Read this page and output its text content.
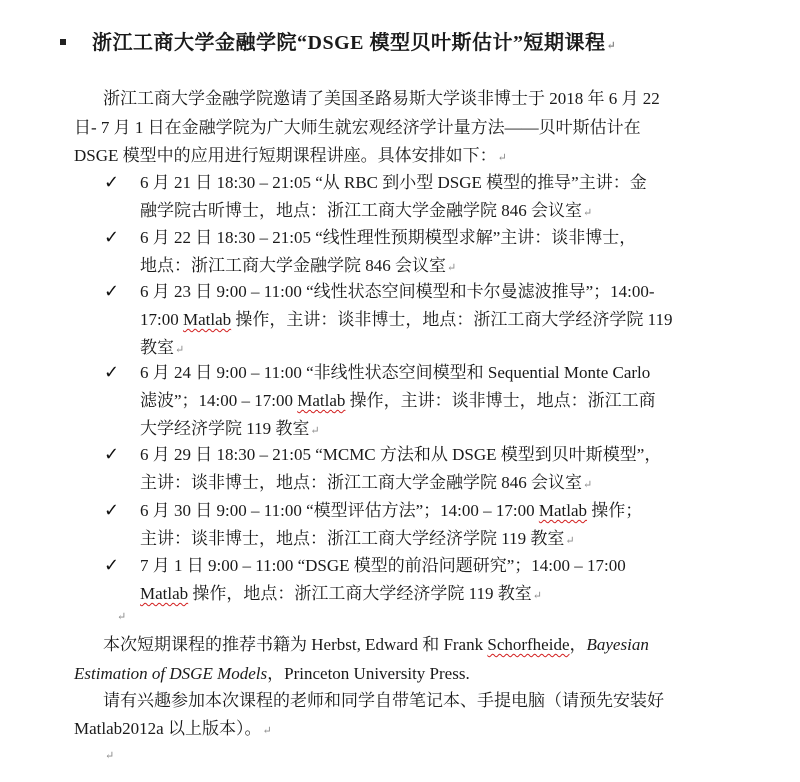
浙江工商大学金融学院“DSGE 模型贝叶斯估计”短期课程↵
浙江工商大学金融学院邀请了美国圣路易斯大学谈非博士于 2018 年 6 月 22
日- 7 月 1 日在金融学院为广大师生就宏观经济学计量方法——贝叶斯估计在
DSGE 模型中的应用进行短期课程讲座。具体安排如下：↵
✓ 6 月 21 日 18:30 – 21:05 “从 RBC 到小型 DSGE 模型的推导”主讲：金
融学院古昕博士，地点：浙江工商大学金融学院 846 会议室↵
✓ 6 月 22 日 18:30 – 21:05 “线性理性预期模型求解”主讲：谈非博士，
地点：浙江工商大学金融学院 846 会议室↵
✓ 6 月 23 日 9:00 – 11:00 “线性状态空间模型和卡尔曼滤波推导”；14:00-
17:00 Matlab 操作，主讲：谈非博士，地点：浙江工商大学经济学院 119
教室↵
✓ 6 月 24 日 9:00 – 11:00 “非线性状态空间模型和 Sequential Monte Carlo
滤波”；14:00 – 17:00 Matlab 操作，主讲：谈非博士，地点：浙江工商
大学经济学院 119 教室↵
✓ 6 月 29 日 18:30 – 21:05 “MCMC 方法和从 DSGE 模型到贝叶斯模型”，
主讲：谈非博士，地点：浙江工商大学金融学院 846 会议室↵
✓ 6 月 30 日 9:00 – 11:00 “模型评估方法”；14:00 – 17:00 Matlab 操作；
主讲：谈非博士，地点：浙江工商大学经济学院 119 教室↵
✓ 7 月 1 日 9:00 – 11:00 “DSGE 模型的前沿问题研究”；14:00 – 17:00
Matlab 操作，地点：浙江工商大学经济学院 119 教室↵
↵
本次短期课程的推荐书籍为 Herbst, Edward 和 Frank Schorfheide，Bayesian
Estimation of DSGE Models，Princeton University Press.
请有兴趣参加本次课程的老师和同学自带笔记本、手提电脑（请预先安装好
Matlab2012a 以上版本）。↵
↵
